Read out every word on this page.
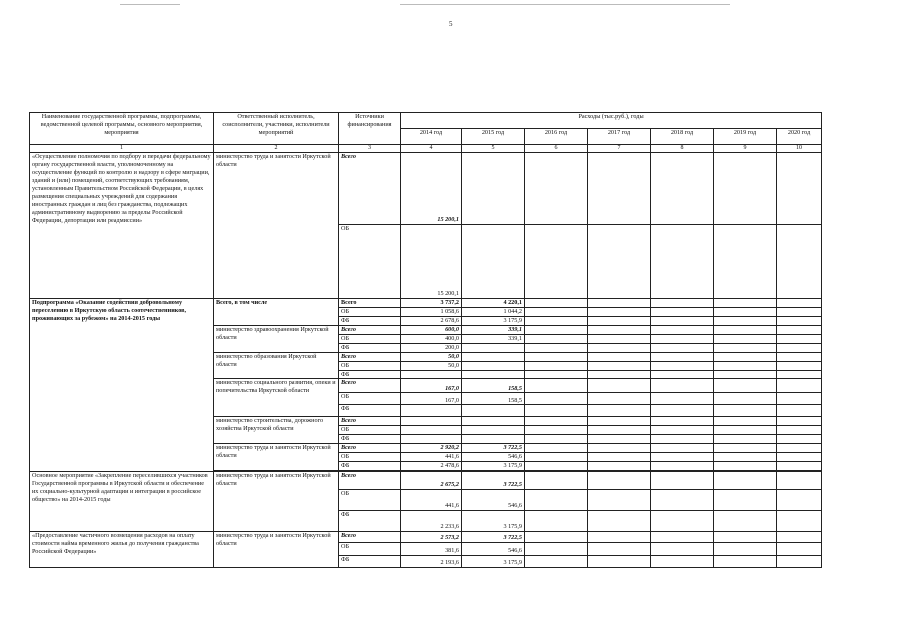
5
Наименование государственной программы, подпрограммы, ведомственной целевой программы, основного мероприятия, мероприятия	Ответственный исполнитель, соисполнители, участники, исполнители мероприятий	Источники финансирования	Расходы (тыс.руб.), годы						
			2014 год	2015 год	2016 год	2017 год	2018 год	2019 год	2020 год
1	2	3	4	5	6	7	8	9	10
«Осуществление полномочия по подбору и передачи федеральному органу государственной власти, уполномоченному на осуществление функций по контролю и надзору в сфере миграции, зданий и (или) помещений, соответствующих требованиям, установленным Правительством Российской Федерации, в целях размещения специальных учреждений для содержания иностранных граждан и лиц без гражданства, подлежащих административному выдворению за пределы Российской Федерации, депортации или реадмиссии»	министерство труда и занятости Иркутской области	Всего	15 200,1						
		ОБ	15 200,1						
Подпрограмма «Оказание содействия добровольному переселению в Иркутскую область соотечественников, проживающих за рубежом» на 2014-2015 годы	Всего, в том числе	Всего	3 737,2	4 220,1					
		ОБ	1 058,6	1 044,2					
		ФБ	2 678,6	3 175,9					
	министерство здравоохранения Иркутской области	Всего	600,0	339,1					
		ОБ	400,0	339,1					
		ФБ	200,0						
	министерство образования Иркутской области	Всего	50,0						
		ОБ	50,0						
		ФБ							
	министерство социального развития, опеки и попечительства Иркутской области	Всего	167,0	158,5					
		ОБ	167,0	158,5					
		ФБ							
	министерство строительства, дорожного хозяйства Иркутской области	Всего							
		ОБ							
		ФБ							
	министерство труда и занятости Иркутской области	Всего	2 920,2	3 722,5					
		ОБ	441,6	546,6					
		ФБ	2 478,6	3 175,9					

Основное мероприятие «Закрепление переселившихся участников Государственной программы в Иркутской области и обеспечение их социально-культурной адаптации и интеграции в российское общество» на 2014-2015 годы	министерство труда и занятости Иркутской области	Всего	2 675,2	3 722,5					
		ОБ	441,6	546,6					
		ФБ	2 233,6	3 175,9					
«Предоставление частичного возмещения расходов на оплату стоимости найма временного жилья до получения гражданства Российской Федерации»	министерство труда и занятости Иркутской области	Всего	2 573,2	3 722,5					
		ОБ	381,6	546,6					
		ФБ	2 193,6	3 175,9					
